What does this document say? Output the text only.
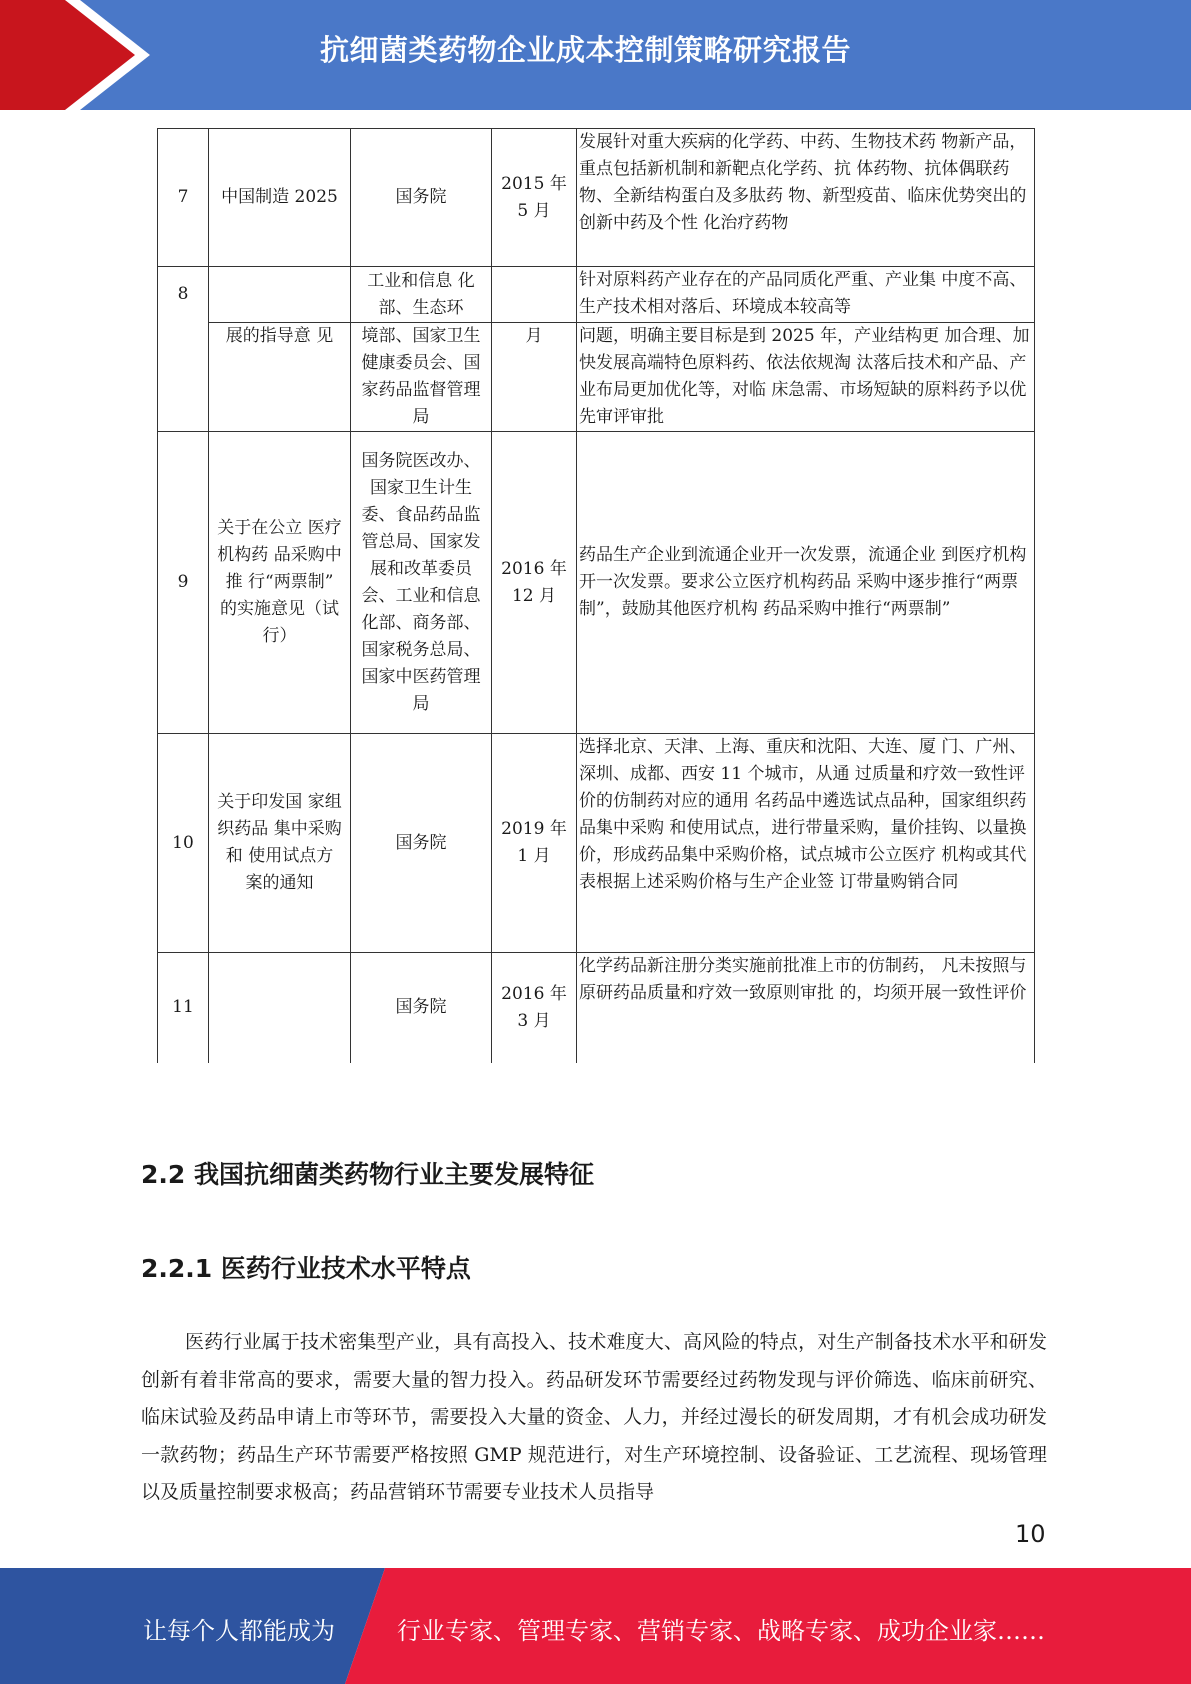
抗细菌类药物企业成本控制策略研究报告
7	中国制造 2025	国务院	2015 年 5 月	发展针对重大疾病的化学药、中药、生物技术药 物新产品，重点包括新机制和新靶点化学药、抗 体药物、抗体偶联药物、全新结构蛋白及多肽药 物、新型疫苗、临床优势突出的创新中药及个性 化治疗药物
8		工业和信息 化部、生态环		针对原料药产业存在的产品同质化严重、产业集 中度不高、生产技术相对落后、环境成本较高等
	展的指导意 见	境部、国家卫生健康委员会、国家药品监督管理局	月	问题，明确主要目标是到 2025 年，产业结构更 加合理、加快发展高端特色原料药、依法依规淘 汰落后技术和产品、产业布局更加优化等，对临 床急需、市场短缺的原料药予以优先审评审批
9	关于在公立 医疗机构药 品采购中推 行“两票制” 的实施意见（试行）	国务院医改办、国家卫生计生委、食品药品监管总局、国家发展和改革委员会、工业和信息化部、商务部、国家税务总局、国家中医药管理局	2016 年 12 月	药品生产企业到流通企业开一次发票，流通企业 到医疗机构开一次发票。要求公立医疗机构药品 采购中逐步推行“两票制”，鼓励其他医疗机构 药品采购中推行“两票制”
10	关于印发国 家组织药品 集中采购和 使用试点方 案的通知	国务院	2019 年 1 月	选择北京、天津、上海、重庆和沈阳、大连、厦 门、广州、深圳、成都、西安 11 个城市，从通 过质量和疗效一致性评价的仿制药对应的通用 名药品中遴选试点品种，国家组织药品集中采购 和使用试点，进行带量采购，量价挂钩、以量换 价，形成药品集中采购价格，试点城市公立医疗 机构或其代表根据上述采购价格与生产企业签 订带量购销合同
11		国务院	2016 年 3 月	化学药品新注册分类实施前批准上市的仿制药， 凡未按照与原研药品质量和疗效一致原则审批 的，均须开展一致性评价
2.2 我国抗细菌类药物行业主要发展特征
2.2.1 医药行业技术水平特点
医药行业属于技术密集型产业，具有高投入、技术难度大、高风险的特点，对生产制备技术水平和研发创新有着非常高的要求，需要大量的智力投入。药品研发环节需要经过药物发现与评价筛选、临床前研究、临床试验及药品申请上市等环节，需要投入大量的资金、人力，并经过漫长的研发周期，才有机会成功研发一款药物；药品生产环节需要严格按照 GMP 规范进行，对生产环境控制、设备验证、工艺流程、现场管理以及质量控制要求极高；药品营销环节需要专业技术人员指导
10
让每个人都能成为	行业专家、管理专家、营销专家、战略专家、成功企业家……
